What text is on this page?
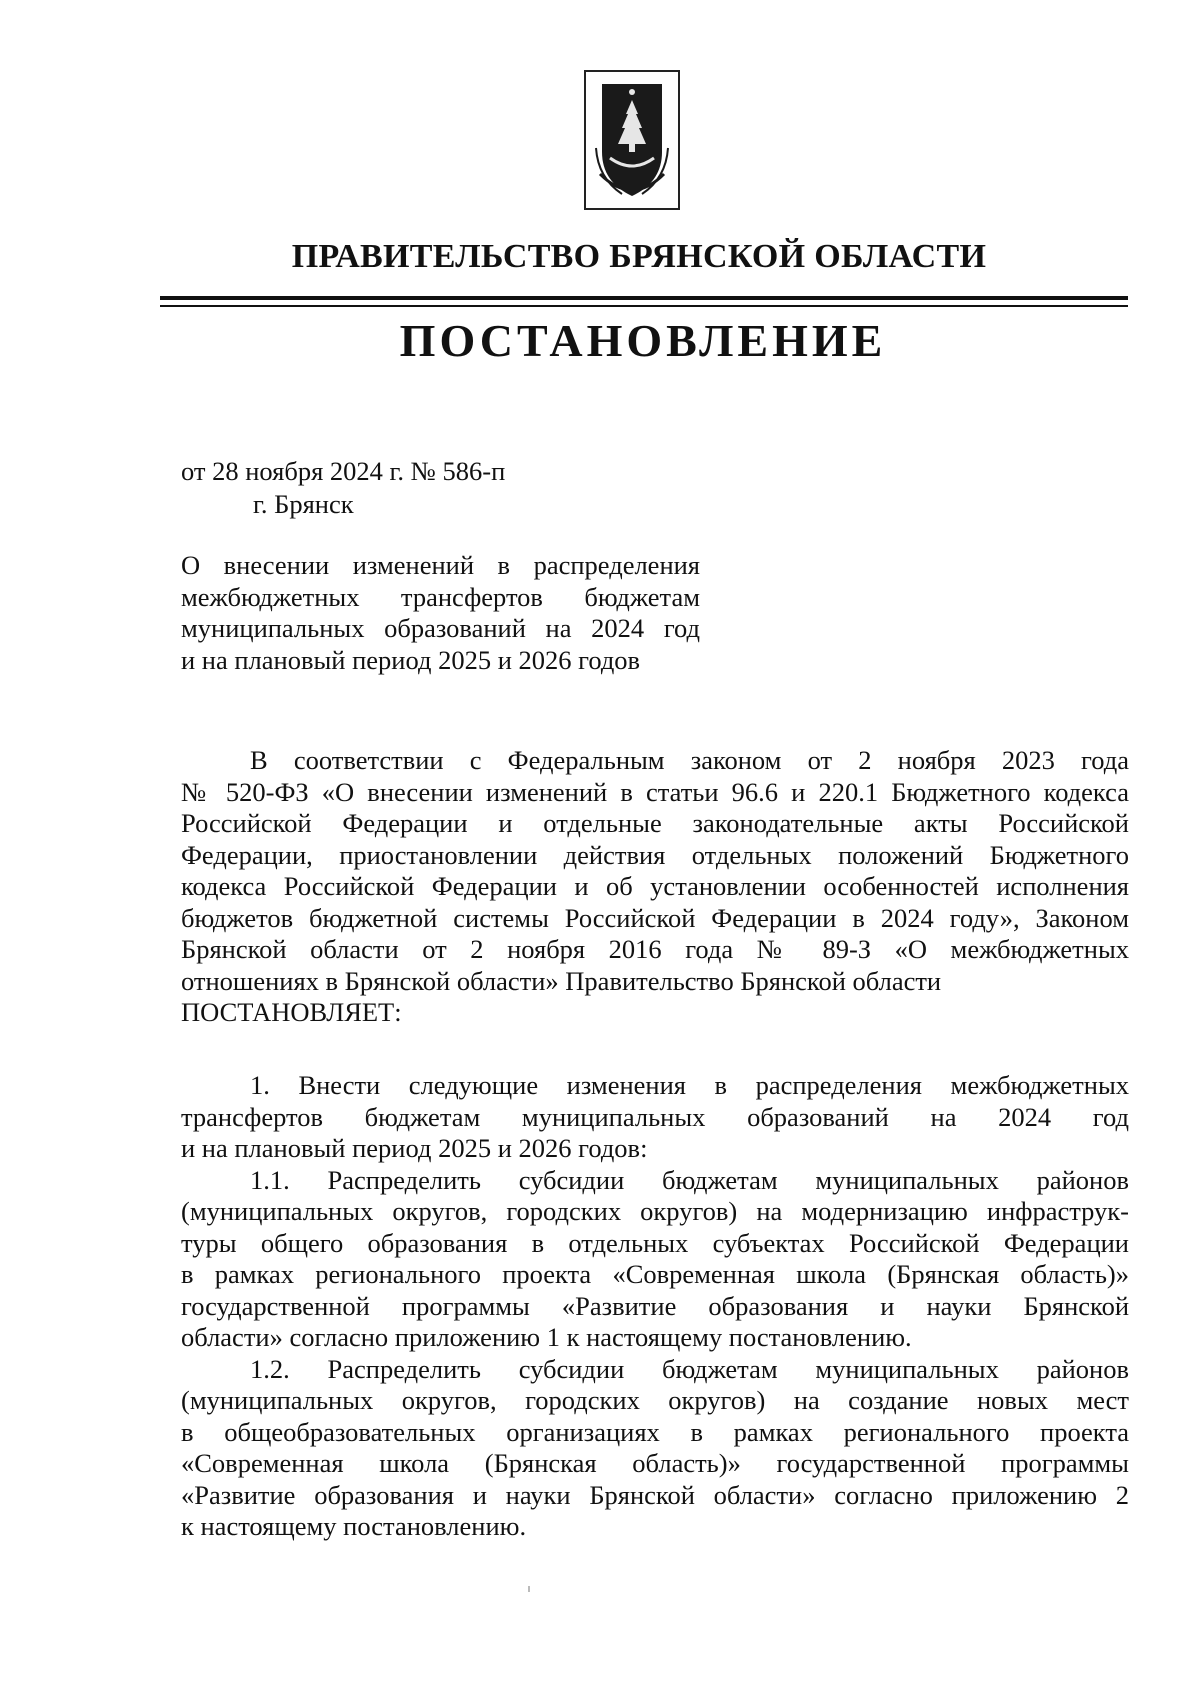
ПРАВИТЕЛЬСТВО БРЯНСКОЙ ОБЛАСТИ
ПОСТАНОВЛЕНИЕ
от 28 ноября 2024 г. № 586-п
г. Брянск
О внесении изменений в распределения
межбюджетных трансфертов бюджетам
муниципальных образований на 2024 год
и на плановый период 2025 и 2026 годов
В соответствии с Федеральным законом от 2 ноября 2023 года
№ 520-ФЗ «О внесении изменений в статьи 96.6 и 220.1 Бюджетного кодекса
Российской Федерации и отдельные законодательные акты Российской
Федерации, приостановлении действия отдельных положений Бюджетного
кодекса Российской Федерации и об установлении особенностей исполнения
бюджетов бюджетной системы Российской Федерации в 2024 году», Законом
Брянской области от 2 ноября 2016 года № 89-З «О межбюджетных
отношениях в Брянской области» Правительство Брянской области
ПОСТАНОВЛЯЕТ:
1. Внести следующие изменения в распределения межбюджетных
трансфертов бюджетам муниципальных образований на 2024 год
и на плановый период 2025 и 2026 годов:
1.1. Распределить субсидии бюджетам муниципальных районов
(муниципальных округов, городских округов) на модернизацию инфраструк-
туры общего образования в отдельных субъектах Российской Федерации
в рамках регионального проекта «Современная школа (Брянская область)»
государственной программы «Развитие образования и науки Брянской
области» согласно приложению 1 к настоящему постановлению.
1.2. Распределить субсидии бюджетам муниципальных районов
(муниципальных округов, городских округов) на создание новых мест
в общеобразовательных организациях в рамках регионального проекта
«Современная школа (Брянская область)» государственной программы
«Развитие образования и науки Брянской области» согласно приложению 2
к настоящему постановлению.
